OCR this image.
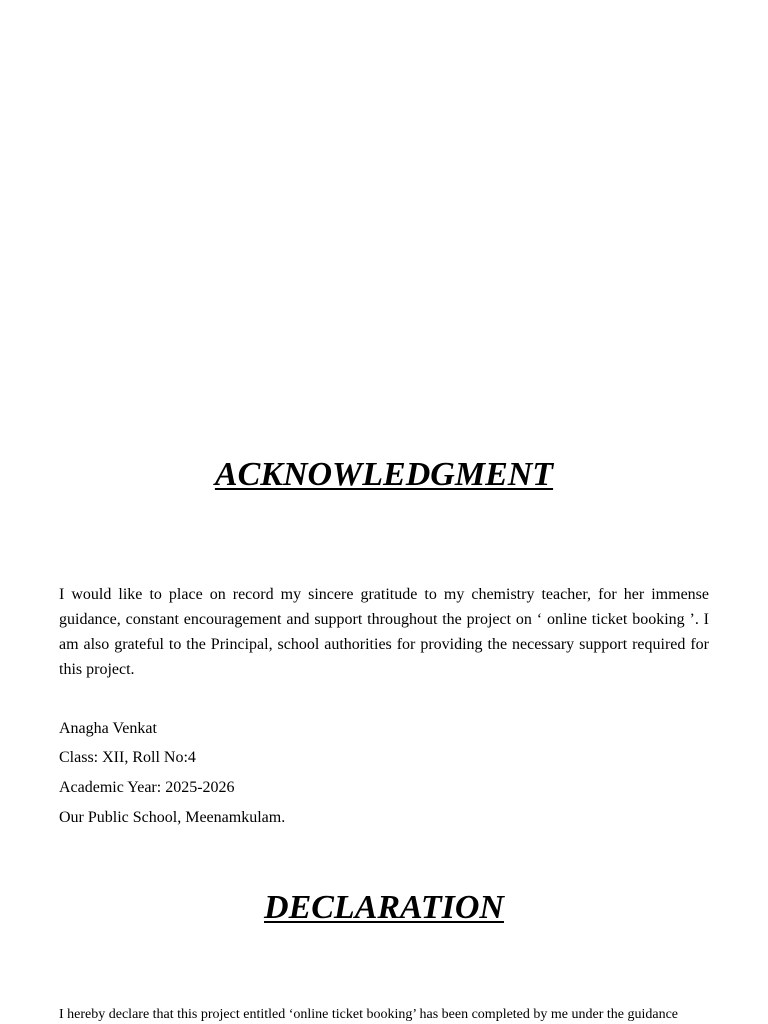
ACKNOWLEDGMENT

I would like to place on record my sincere gratitude to my chemistry teacher, for her immense guidance, constant encouragement and support throughout the project on ‘ online ticket booking ’. I am also grateful to the Principal, school authorities for providing the necessary support required for this project.

Anagha Venkat

Class: XII, Roll No:4

Academic Year: 2025-2026

Our Public School, Meenamkulam.

DECLARATION

I hereby declare that this project entitled ‘online ticket booking’ has been completed by me under the guidance
